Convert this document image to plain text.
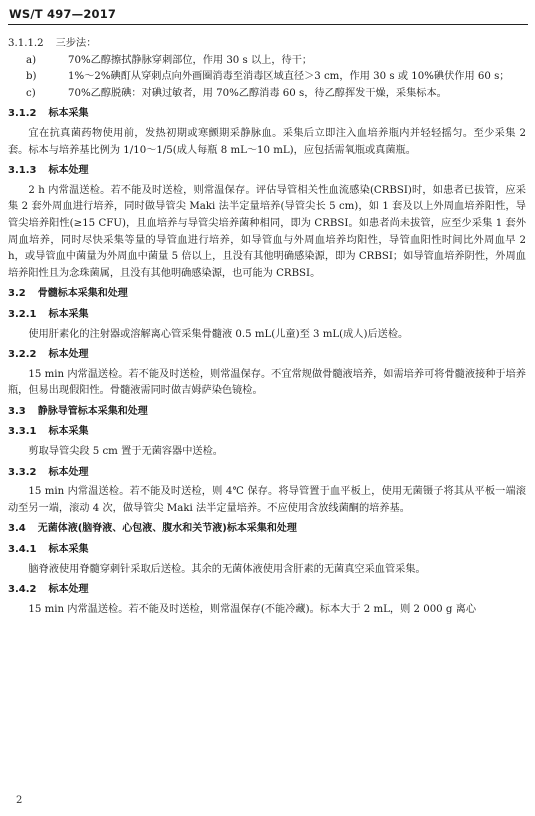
WS/T 497—2017
3.1.1.2 三步法：
a)	70%乙醇擦拭静脉穿刺部位，作用 30 s 以上，待干；
b)	1%～2%碘酊从穿刺点向外画圈消毒至消毒区域直径＞3 cm，作用 30 s 或 10%碘伏作用 60 s；
c)	70%乙醇脱碘：对碘过敏者，用 70%乙醇消毒 60 s，待乙醇挥发干燥，采集标本。
3.1.2 标本采集

宜在抗真菌药物使用前，发热初期或寒颤期采静脉血。采集后立即注入血培养瓶内并轻轻摇匀。至少采集 2 套。标本与培养基比例为 1/10～1/5(成人每瓶 8 mL～10 mL)，应包括需氧瓶或真菌瓶。

3.1.3 标本处理

2 h 内常温送检。若不能及时送检，则常温保存。评估导管相关性血流感染(CRBSI)时，如患者已拔管，应采集 2 套外周血进行培养，同时做导管尖 Maki 法半定量培养(导管尖长 5 cm)，如 1 套及以上外周血培养阳性，导管尖培养阳性(≥15 CFU)，且血培养与导管尖培养菌种相同，即为 CRBSI。如患者尚未拔管，应至少采集 1 套外周血培养，同时尽快采集等量的导管血进行培养，如导管血与外周血培养均阳性，导管血阳性时间比外周血早 2 h，或导管血中菌量为外周血中菌量 5 倍以上，且没有其他明确感染源，即为 CRBSI；如导管血培养阴性，外周血培养阳性且为念珠菌属，且没有其他明确感染源，也可能为 CRBSI。

3.2 骨髓标本采集和处理
3.2.1 标本采集

使用肝素化的注射器或溶解离心管采集骨髓液 0.5 mL(儿童)至 3 mL(成人)后送检。

3.2.2 标本处理

15 min 内常温送检。若不能及时送检，则常温保存。不宜常规做骨髓液培养，如需培养可将骨髓液接种于培养瓶，但易出现假阳性。骨髓液需同时做吉姆萨染色镜检。

3.3 静脉导管标本采集和处理
3.3.1 标本采集

剪取导管尖段 5 cm 置于无菌容器中送检。

3.3.2 标本处理

15 min 内常温送检。若不能及时送检，则 4℃ 保存。将导管置于血平板上，使用无菌镊子将其从平板一端滚动至另一端，滚动 4 次，做导管尖 Maki 法半定量培养。不应使用含放线菌酮的培养基。

3.4 无菌体液(脑脊液、心包液、腹水和关节液)标本采集和处理
3.4.1 标本采集

脑脊液使用脊髓穿刺针采取后送检。其余的无菌体液使用含肝素的无菌真空采血管采集。

3.4.2 标本处理

15 min 内常温送检。若不能及时送检，则常温保存(不能冷藏)。标本大于 2 mL，则 2 000 g 离心

2
